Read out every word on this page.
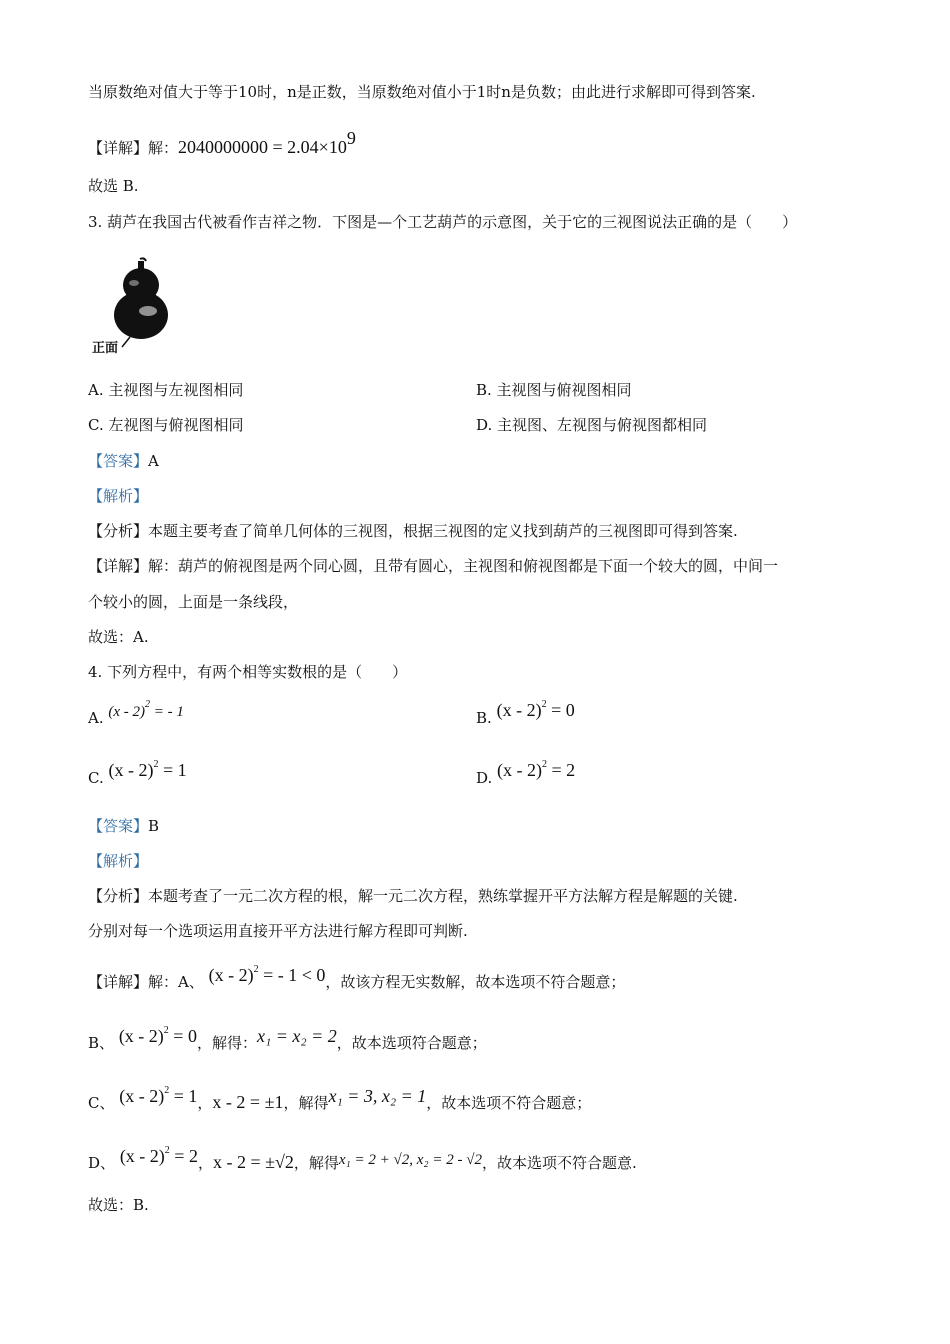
当原数绝对值大于等于10时，n是正数，当原数绝对值小于1时n是负数；由此进行求解即可得到答案.
【详解】解：$2040000000 = 2.04\times 10^9$
故选 B.
3. 葫芦在我国古代被看作吉祥之物．下图是—个工艺葫芦的示意图，关于它的三视图说法正确的是（　　）
正面
A. 主视图与左视图相同	B. 主视图与俯视图相同
C. 左视图与俯视图相同	D. 主视图、左视图与俯视图都相同
【答案】A
【解析】
【分析】本题主要考查了简单几何体的三视图，根据三视图的定义找到葫芦的三视图即可得到答案.
【详解】解：葫芦的俯视图是两个同心圆，且带有圆心，主视图和俯视图都是下面一个较大的圆，中间一
个较小的圆，上面是一条线段，
故选：A.
4. 下列方程中，有两个相等实数根的是（　　）
A. (x - 2)$^2$ = - 1	B. (x - 2)$^2$ = 0
C. (x - 2)$^2$ = 1	D. (x - 2)$^2$ = 2
【答案】B
【解析】
【分析】本题考查了一元二次方程的根，解一元二次方程，熟练掌握开平方法解方程是解题的关键.
分别对每一个选项运用直接开平方法进行解方程即可判断.
【详解】解：A、 (x - 2)$^2$ = - 1 < 0，故该方程无实数解，故本选项不符合题意；
B、 (x - 2)$^2$ = 0，解得：x₁ = x₂ = 2，故本选项符合题意；
C、 (x - 2)$^2$ = 1，x - 2 = ±1，解得x₁ = 3, x₂ = 1，故本选项不符合题意；
D、 (x - 2)$^2$ = 2，x - 2 = ±√2，解得x₁ = 2 + √2, x₂ = 2 - √2，故本选项不符合题意.
故选：B.
